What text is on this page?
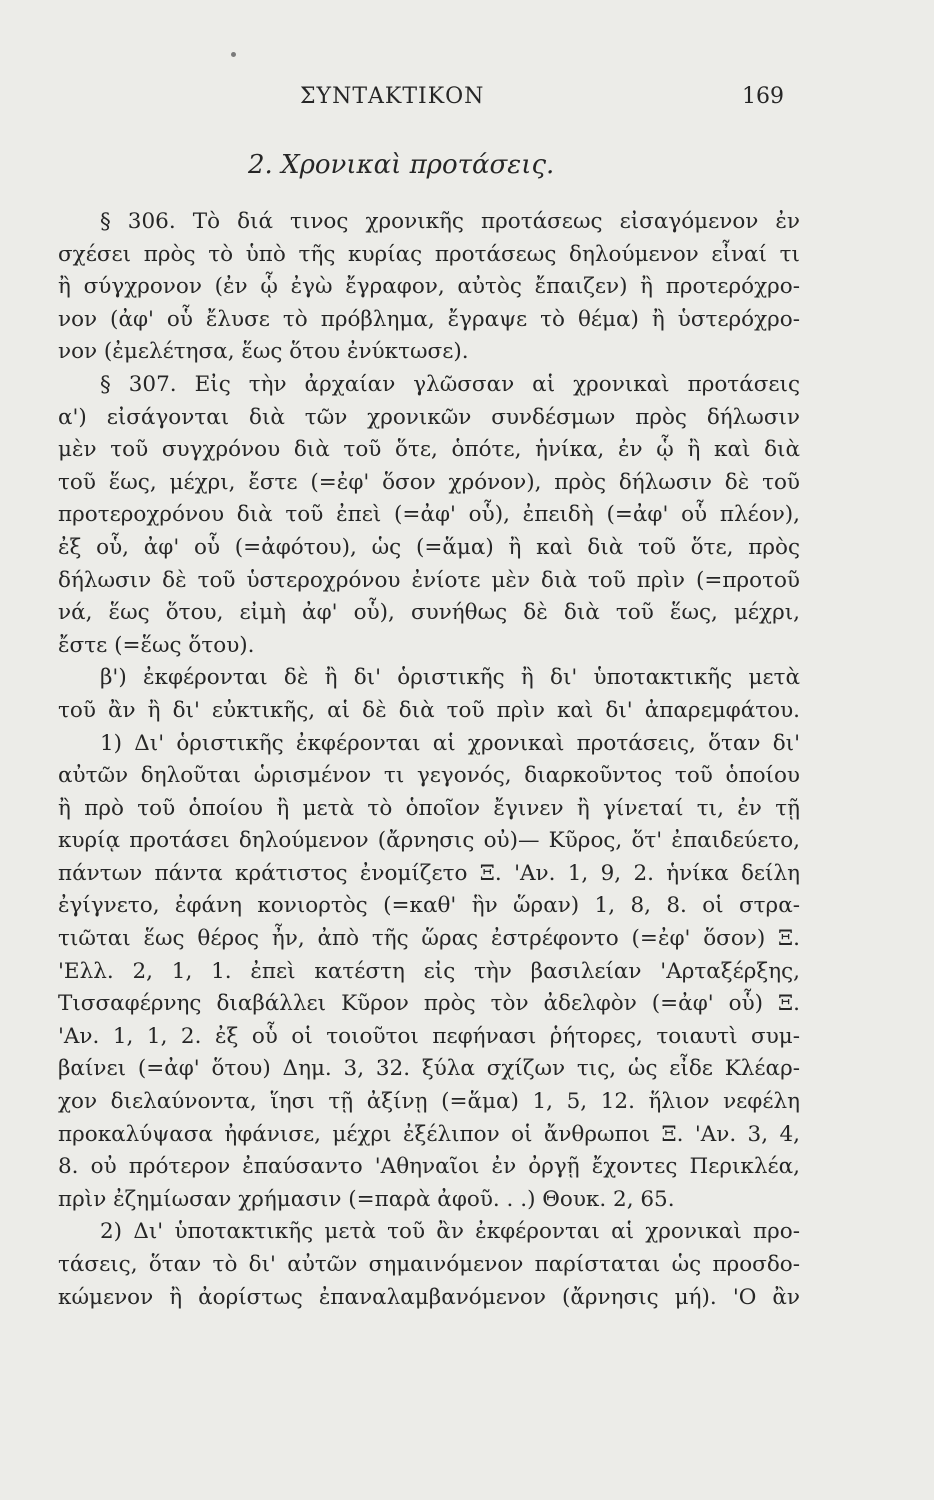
ΣΥΝΤΑΚΤΙΚΟΝ	169
2. Χρονικαὶ προτάσεις.
§ 306. Τὸ διά τινος χρονικῆς προτάσεως εἰσαγόμενον ἐν
σχέσει πρὸς τὸ ὑπὸ τῆς κυρίας προτάσεως δηλούμενον εἶναί τι
ἢ σύγχρονον (ἐν ᾧ ἐγὼ ἔγραφον, αὐτὸς ἔπαιζεν) ἢ προτερόχρο-
νον (ἀφ' οὗ ἔλυσε τὸ πρόβλημα, ἔγραψε τὸ θέμα) ἢ ὑστερόχρο-
νον (ἐμελέτησα, ἕως ὅτου ἐνύκτωσε).
§ 307. Εἰς τὴν ἀρχαίαν γλῶσσαν αἱ χρονικαὶ προτάσεις
α') εἰσάγονται διὰ τῶν χρονικῶν συνδέσμων πρὸς δήλωσιν
μὲν τοῦ συγχρόνου διὰ τοῦ ὅτε, ὁπότε, ἡνίκα, ἐν ᾧ ἢ καὶ διὰ
τοῦ ἕως, μέχρι, ἔστε (=ἐφ' ὅσον χρόνον), πρὸς δήλωσιν δὲ τοῦ
προτεροχρόνου διὰ τοῦ ἐπεὶ (=ἀφ' οὗ), ἐπειδὴ (=ἀφ' οὗ πλέον),
ἐξ οὗ, ἀφ' οὗ (=ἀφότου), ὡς (=ἅμα) ἢ καὶ διὰ τοῦ ὅτε, πρὸς
δήλωσιν δὲ τοῦ ὑστεροχρόνου ἐνίοτε μὲν διὰ τοῦ πρὶν (=προτοῦ
νά, ἕως ὅτου, εἰμὴ ἀφ' οὗ), συνήθως δὲ διὰ τοῦ ἕως, μέχρι,
ἔστε (=ἕως ὅτου).
β') ἐκφέρονται δὲ ἢ δι' ὁριστικῆς ἢ δι' ὑποτακτικῆς μετὰ
τοῦ ἂν ἢ δι' εὐκτικῆς, αἱ δὲ διὰ τοῦ πρὶν καὶ δι' ἀπαρεμφάτου.
1) Δι' ὁριστικῆς ἐκφέρονται αἱ χρονικαὶ προτάσεις, ὅταν δι'
αὐτῶν δηλοῦται ὡρισμένον τι γεγονός, διαρκοῦντος τοῦ ὁποίου
ἢ πρὸ τοῦ ὁποίου ἢ μετὰ τὸ ὁποῖον ἔγινεν ἢ γίνεταί τι, ἐν τῇ
κυρίᾳ προτάσει δηλούμενον (ἄρνησις οὐ)— Κῦρος, ὅτ' ἐπαιδεύετο,
πάντων πάντα κράτιστος ἐνομίζετο Ξ. 'Αν. 1, 9, 2. ἡνίκα δείλη
ἐγίγνετο, ἐφάνη κονιορτὸς (=καθ' ἣν ὥραν) 1, 8, 8. οἱ στρα-
τιῶται ἕως θέρος ἦν, ἀπὸ τῆς ὥρας ἐστρέφοντο (=ἐφ' ὅσον) Ξ.
'Ελλ. 2, 1, 1. ἐπεὶ κατέστη εἰς τὴν βασιλείαν 'Αρταξέρξης,
Τισσαφέρνης διαβάλλει Κῦρον πρὸς τὸν ἀδελφὸν (=ἀφ' οὗ) Ξ.
'Αν. 1, 1, 2. ἐξ οὗ οἱ τοιοῦτοι πεφήνασι ῥήτορες, τοιαυτὶ συμ-
βαίνει (=ἀφ' ὅτου) Δημ. 3, 32. ξύλα σχίζων τις, ὡς εἶδε Κλέαρ-
χον διελαύνοντα, ἵησι τῇ ἀξίνῃ (=ἅμα) 1, 5, 12. ἥλιον νεφέλη
προκαλύψασα ἠφάνισε, μέχρι ἐξέλιπον οἱ ἄνθρωποι Ξ. 'Αν. 3, 4,
8. οὐ πρότερον ἐπαύσαντο 'Αθηναῖοι ἐν ὀργῇ ἔχοντες Περικλέα,
πρὶν ἐζημίωσαν χρήμασιν (=παρὰ ἀφοῦ. . .) Θουκ. 2, 65.
2) Δι' ὑποτακτικῆς μετὰ τοῦ ἂν ἐκφέρονται αἱ χρονικαὶ προ-
τάσεις, ὅταν τὸ δι' αὐτῶν σημαινόμενον παρίσταται ὡς προσδο-
κώμενον ἢ ἀορίστως ἐπαναλαμβανόμενον (ἄρνησις μή). 'Ο ἂν
